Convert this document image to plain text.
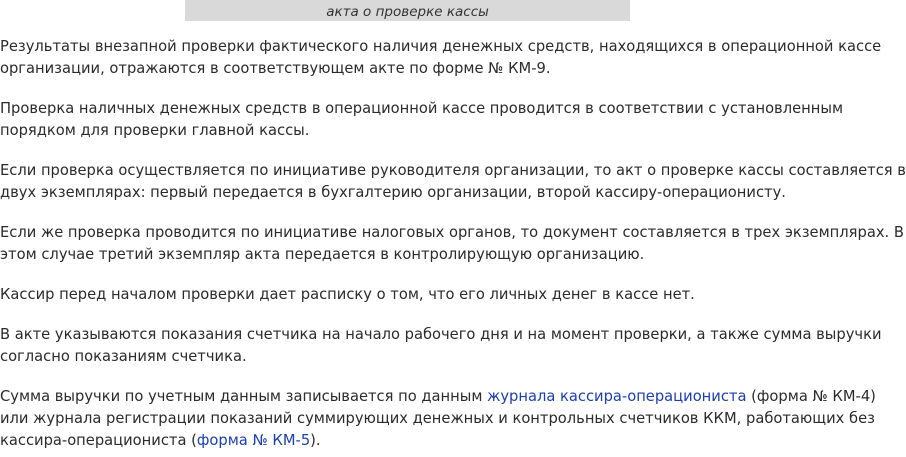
акта о проверке кассы

Результаты внезапной проверки фактического наличия денежных средств, находящихся в операционной кассе
организации, отражаются в соответствующем акте по форме № КМ-9.

Проверка наличных денежных средств в операционной кассе проводится в соответствии с установленным
порядком для проверки главной кассы.

Если проверка осуществляется по инициативе руководителя организации, то акт о проверке кассы составляется в
двух экземплярах: первый передается в бухгалтерию организации, второй кассиру-операционисту.

Если же проверка проводится по инициативе налоговых органов, то документ составляется в трех экземплярах. В
этом случае третий экземпляр акта передается в контролирующую организацию.

Кассир перед началом проверки дает расписку о том, что его личных денег в кассе нет.

В акте указываются показания счетчика на начало рабочего дня и на момент проверки, а также сумма выручки
согласно показаниям счетчика.

Сумма выручки по учетным данным записывается по данным журнала кассира-операциониста (форма № КМ-4)
или журнала регистрации показаний суммирующих денежных и контрольных счетчиков ККМ, работающих без
кассира-операциониста (форма № КМ-5).
